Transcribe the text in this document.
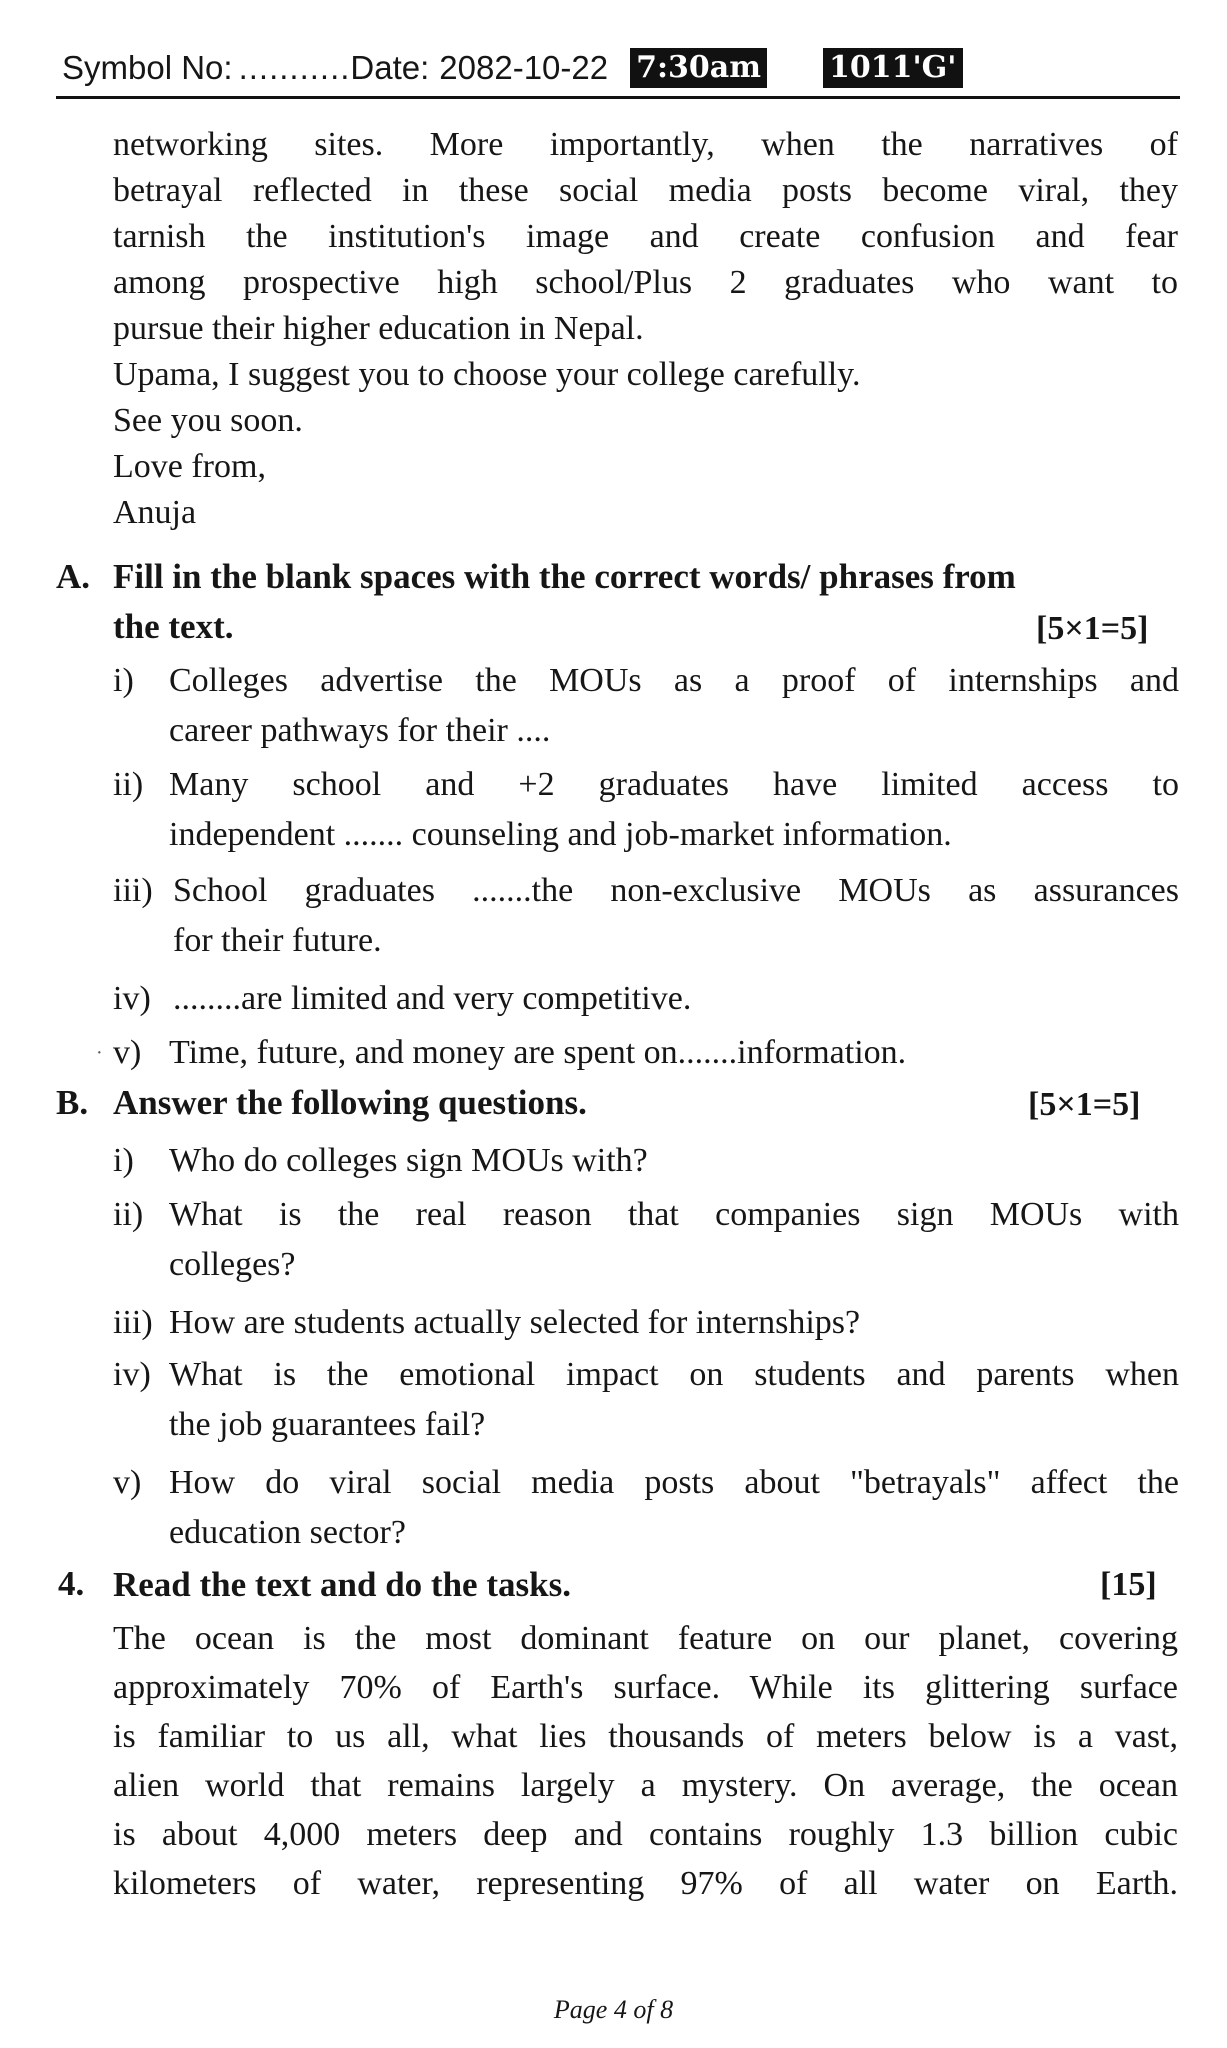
Symbol No: ........... Date: 2082-10-22 7:30am 1011'G'

networking sites. More importantly, when the narratives of

betrayal reflected in these social media posts become viral, they

tarnish the institution's image and create confusion and fear

among prospective high school/Plus 2 graduates who want to

pursue their higher education in Nepal.

Upama, I suggest you to choose your college carefully.

See you soon.

Love from,

Anuja

A. Fill in the blank spaces with the correct words/ phrases from
the text.	[5×1=5]
i) Colleges advertise the MOUs as a proof of internships and
career pathways for their ....
ii) Many school and +2 graduates have limited access to
independent ....... counseling and job-market information.
iii) School graduates .......the non-exclusive MOUs as assurances
for their future.
iv) ........are limited and very competitive.
v) Time, future, and money are spent on.......information.
·
B. Answer the following questions.	[5×1=5]
i) Who do colleges sign MOUs with?
ii) What is the real reason that companies sign MOUs with
colleges?
iii) How are students actually selected for internships?
iv) What is the emotional impact on students and parents when
the job guarantees fail?
v) How do viral social media posts about "betrayals" affect the
education sector?
4. Read the text and do the tasks.	[15]

The ocean is the most dominant feature on our planet, covering

approximately 70% of Earth's surface. While its glittering surface

is familiar to us all, what lies thousands of meters below is a vast,

alien world that remains largely a mystery. On average, the ocean

is about 4,000 meters deep and contains roughly 1.3 billion cubic

kilometers of water, representing 97% of all water on Earth.

Page 4 of 8
